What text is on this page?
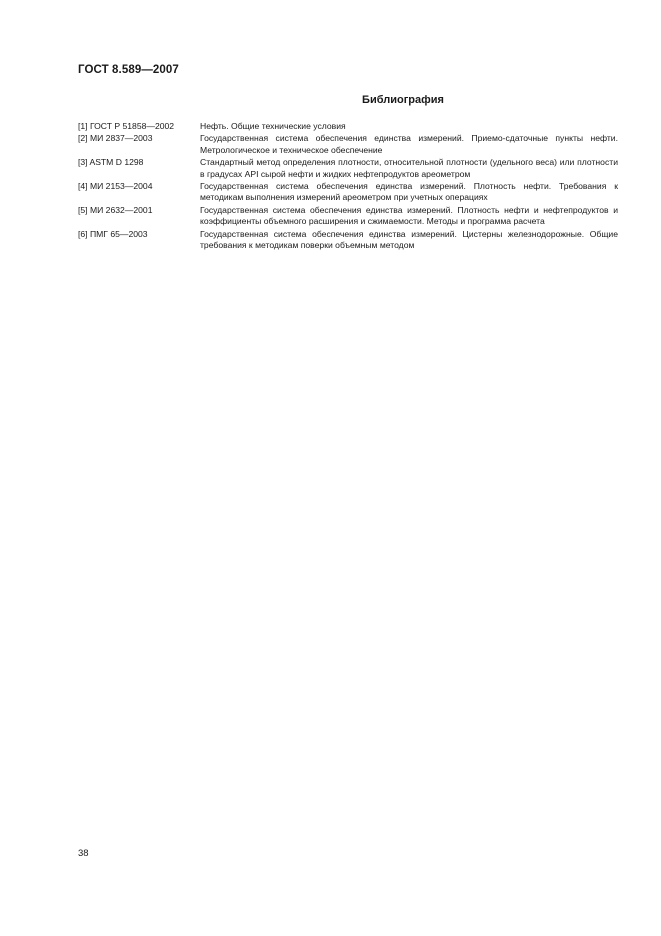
ГОСТ 8.589—2007
Библиография
[1] ГОСТ Р 51858—2002	Нефть. Общие технические условия
[2] МИ 2837—2003	Государственная система обеспечения единства измерений. Приемо-сдаточные пункты нефти. Метрологическое и техническое обеспечение
[3] ASTM D 1298	Стандартный метод определения плотности, относительной плотности (удельного веса) или плотности в градусах API сырой нефти и жидких нефтепродуктов ареометром
[4] МИ 2153—2004	Государственная система обеспечения единства измерений. Плотность нефти. Требования к методикам выполнения измерений ареометром при учетных операциях
[5] МИ 2632—2001	Государственная система обеспечения единства измерений. Плотность нефти и нефтепродуктов и коэффициенты объемного расширения и сжимаемости. Методы и программа расчета
[6] ПМГ 65—2003	Государственная система обеспечения единства измерений. Цистерны железнодорожные. Общие требования к методикам поверки объемным методом
38
